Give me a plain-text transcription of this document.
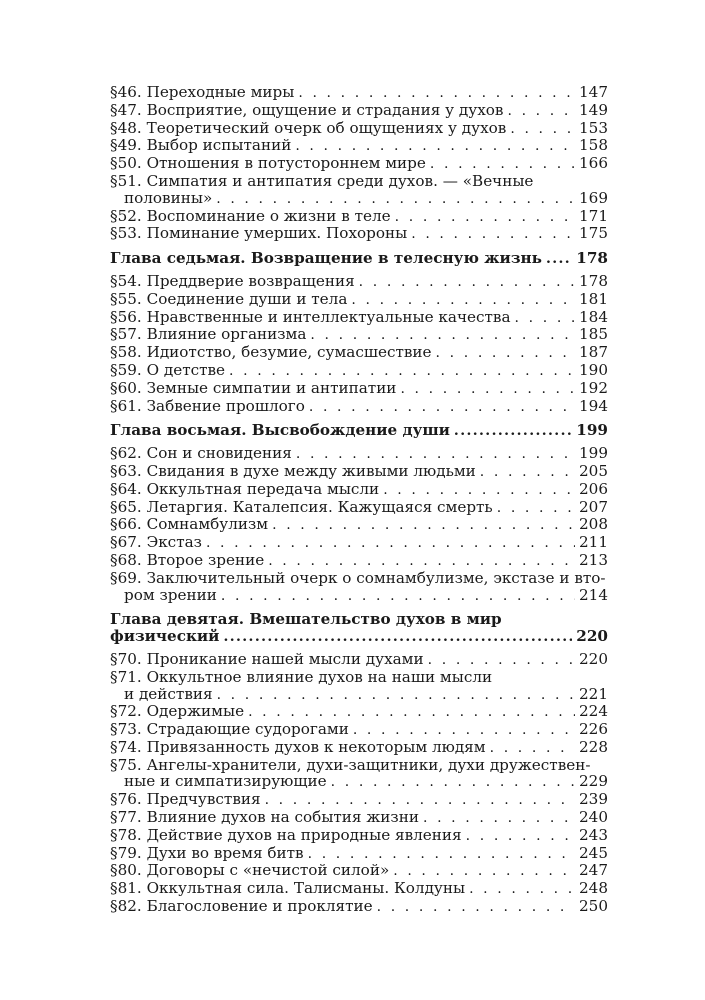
§46. Переходные миры . . .	147
§47. Восприятие, ощущение и страдания у духов . . .	149
§48. Теоретический очерк об ощущениях у духов . . .	153
§49. Выбор испытаний . . .	158
§50. Отношения в потустороннем мире . . .	166
§51. Симпатия и антипатия среди духов. — «Вечные
половины» . . .	169
§52. Воспоминание о жизни в теле . . .	171
§53. Поминание умерших. Похороны . . .	175
Глава седьмая. Возвращение в телесную жизнь ..... 178
§54. Преддверие возвращения . . .	178
§55. Соединение души и тела . . .	181
§56. Нравственные и интеллектуальные качества . . .	184
§57. Влияние организма . . .	185
§58. Идиотство, безумие, сумасшествие . . .	187
§59. О детстве . . .	190
§60. Земные симпатии и антипатии . . .	192
§61. Забвение прошлого . . .	194
Глава восьмая. Высвобождение души .....	199
§62. Сон и сновидения . . .	199
§63. Свидания в духе между живыми людьми . . .	205
§64. Оккультная передача мысли . . .	206
§65. Летаргия. Каталепсия. Кажущаяся смерть . . .	207
§66. Сомнамбулизм . . .	208
§67. Экстаз . . .	211
§68. Второе зрение . . .	213
§69. Заключительный очерк о сомнамбулизме, экстазе и вто-
ром зрении . . .	214
Глава девятая. Вмешательство духов в мир
физический .....	220
§70. Проникание нашей мысли духами . . .	220
§71. Оккультное влияние духов на наши мысли
и действия . . .	221
§72. Одержимые . . .	224
§73. Страдающие судорогами . . .	226
§74. Привязанность духов к некоторым людям . . .	228
§75. Ангелы-хранители, духи-защитники, духи дружествен-
ные и симпатизирующие . . .	229
§76. Предчувствия . . .	239
§77. Влияние духов на события жизни . . .	240
§78. Действие духов на природные явления . . .	243
§79. Духи во время битв . . .	245
§80. Договоры с «нечистой силой» . . .	247
§81. Оккультная сила. Талисманы. Колдуны . . .	248
§82. Благословение и проклятие . . .	250
